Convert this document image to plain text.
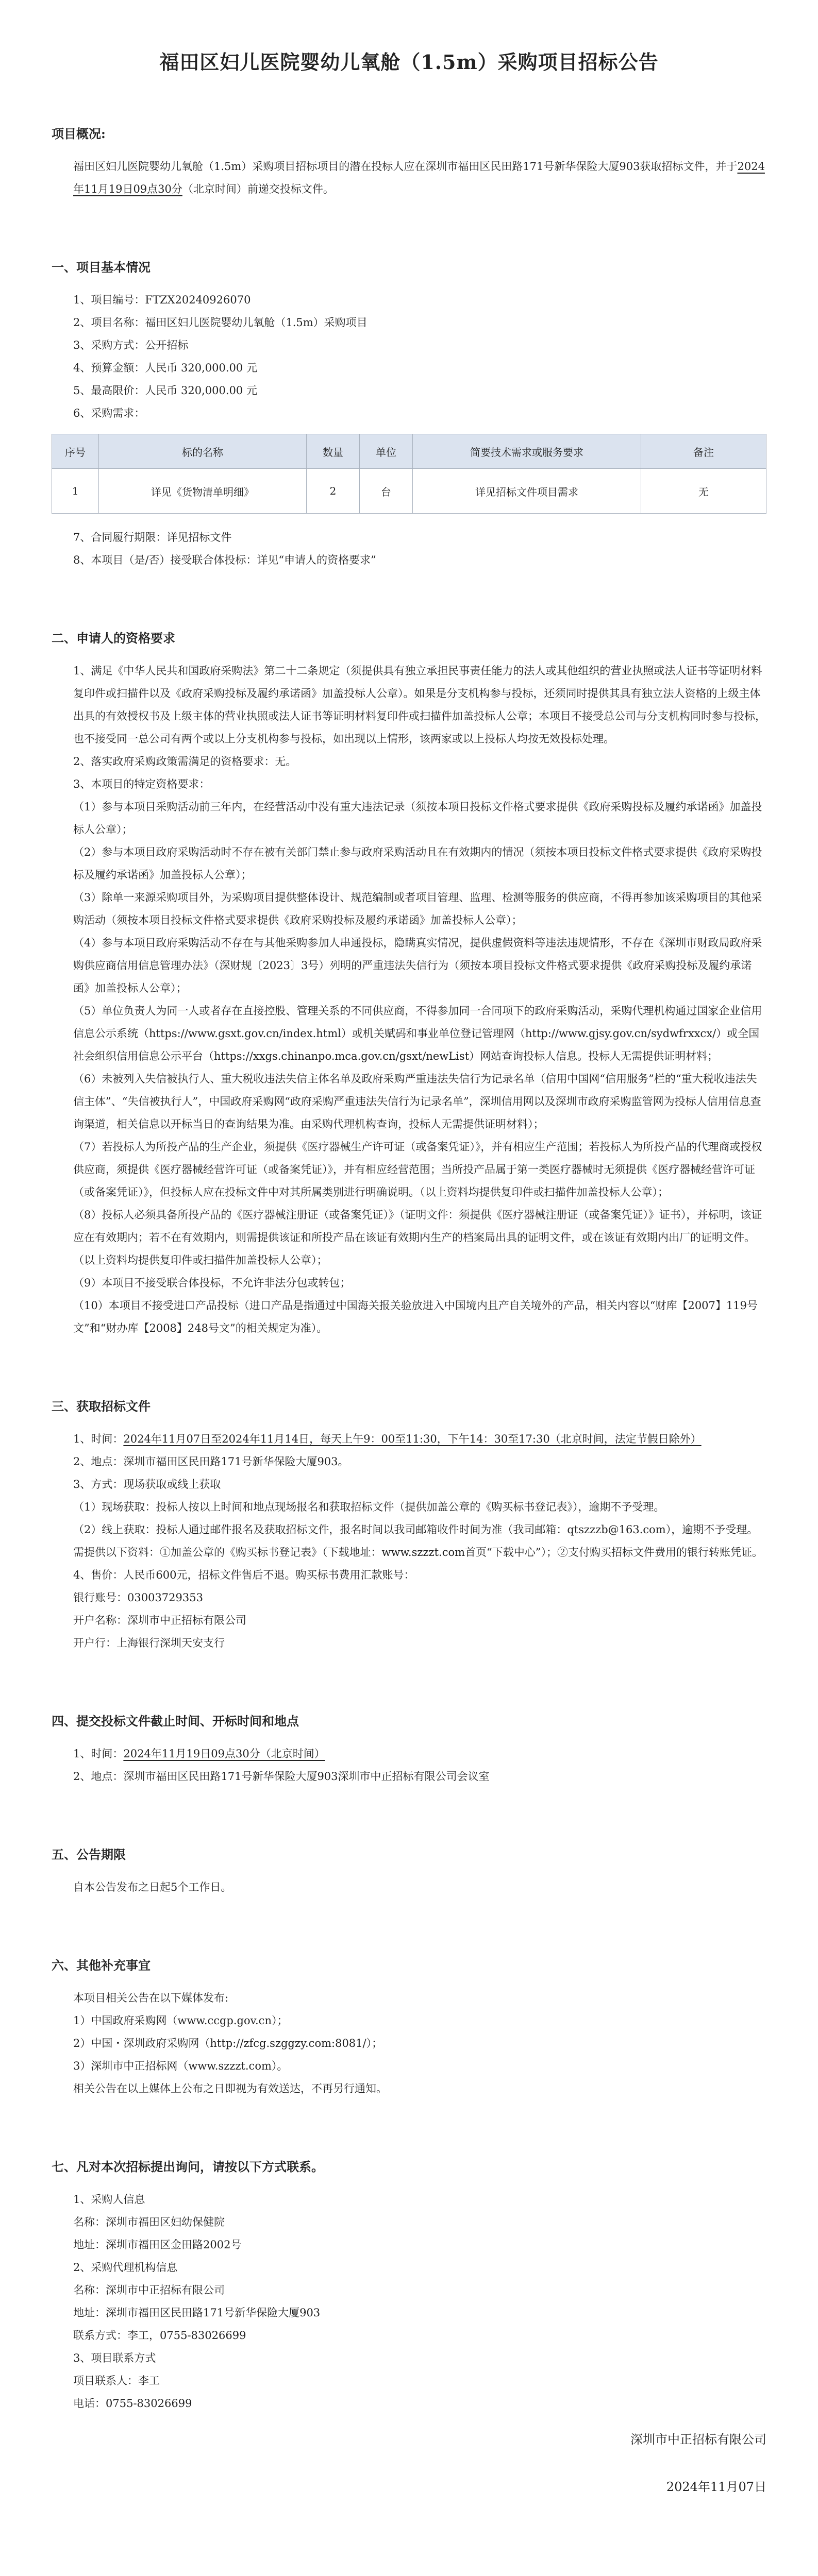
福田区妇儿医院婴幼儿氧舱（1.5m）采购项目招标公告
项目概况:

福田区妇儿医院婴幼儿氧舱（1.5m）采购项目招标项目的潜在投标人应在深圳市福田区民田路171号新华保险大厦903获取招标文件，并于2024年11月19日09点30分（北京时间）前递交投标文件。

一、项目基本情况

1、项目编号：FTZX20240926070

2、项目名称：福田区妇儿医院婴幼儿氧舱（1.5m）采购项目

3、采购方式：公开招标

4、预算金额：人民币 320,000.00 元

5、最高限价：人民币 320,000.00 元

6、采购需求：

序号	标的名称	数量	单位	简要技术需求或服务要求	备注
1	详见《货物清单明细》	2	台	详见招标文件项目需求	无

7、合同履行期限：详见招标文件

8、本项目（是/否）接受联合体投标：详见“申请人的资格要求”

二、申请人的资格要求

1、满足《中华人民共和国政府采购法》第二十二条规定（须提供具有独立承担民事责任能力的法人或其他组织的营业执照或法人证书等证明材料复印件或扫描件以及《政府采购投标及履约承诺函》加盖投标人公章）。如果是分支机构参与投标，还须同时提供其具有独立法人资格的上级主体出具的有效授权书及上级主体的营业执照或法人证书等证明材料复印件或扫描件加盖投标人公章；本项目不接受总公司与分支机构同时参与投标，也不接受同一总公司有两个或以上分支机构参与投标，如出现以上情形，该两家或以上投标人均按无效投标处理。

2、落实政府采购政策需满足的资格要求：无。

3、本项目的特定资格要求：

（1）参与本项目采购活动前三年内，在经营活动中没有重大违法记录（须按本项目投标文件格式要求提供《政府采购投标及履约承诺函》加盖投标人公章）；

（2）参与本项目政府采购活动时不存在被有关部门禁止参与政府采购活动且在有效期内的情况（须按本项目投标文件格式要求提供《政府采购投标及履约承诺函》加盖投标人公章）；

（3）除单一来源采购项目外，为采购项目提供整体设计、规范编制或者项目管理、监理、检测等服务的供应商，不得再参加该采购项目的其他采购活动（须按本项目投标文件格式要求提供《政府采购投标及履约承诺函》加盖投标人公章）；

（4）参与本项目政府采购活动不存在与其他采购参加人串通投标，隐瞒真实情况，提供虚假资料等违法违规情形，不存在《深圳市财政局政府采购供应商信用信息管理办法》（深财规〔2023〕3号）列明的严重违法失信行为（须按本项目投标文件格式要求提供《政府采购投标及履约承诺函》加盖投标人公章）；

（5）单位负责人为同一人或者存在直接控股、管理关系的不同供应商，不得参加同一合同项下的政府采购活动，采购代理机构通过国家企业信用信息公示系统（https://www.gsxt.gov.cn/index.html）或机关赋码和事业单位登记管理网（http://www.gjsy.gov.cn/sydwfrxxcx/）或全国社会组织信用信息公示平台（https://xxgs.chinanpo.mca.gov.cn/gsxt/newList）网站查询投标人信息。投标人无需提供证明材料；

（6）未被列入失信被执行人、重大税收违法失信主体名单及政府采购严重违法失信行为记录名单（信用中国网“信用服务”栏的“重大税收违法失信主体”、“失信被执行人”，中国政府采购网“政府采购严重违法失信行为记录名单”，深圳信用网以及深圳市政府采购监管网为投标人信用信息查询渠道，相关信息以开标当日的查询结果为准。由采购代理机构查询，投标人无需提供证明材料）；

（7）若投标人为所投产品的生产企业，须提供《医疗器械生产许可证（或备案凭证）》，并有相应生产范围；若投标人为所投产品的代理商或授权供应商，须提供《医疗器械经营许可证（或备案凭证）》，并有相应经营范围；当所投产品属于第一类医疗器械时无须提供《医疗器械经营许可证（或备案凭证）》，但投标人应在投标文件中对其所属类别进行明确说明。（以上资料均提供复印件或扫描件加盖投标人公章）；

（8）投标人必须具备所投产品的《医疗器械注册证（或备案凭证）》（证明文件：须提供《医疗器械注册证（或备案凭证）》证书），并标明，该证应在有效期内；若不在有效期内，则需提供该证和所投产品在该证有效期内生产的档案局出具的证明文件，或在该证有效期内出厂的证明文件。（以上资料均提供复印件或扫描件加盖投标人公章）；

（9）本项目不接受联合体投标，不允许非法分包或转包；

（10）本项目不接受进口产品投标（进口产品是指通过中国海关报关验放进入中国境内且产自关境外的产品，相关内容以“财库【2007】119号文”和“财办库【2008】248号文”的相关规定为准）。

三、获取招标文件

1、时间：2024年11月07日至2024年11月14日，每天上午9：00至11:30，下午14：30至17:30（北京时间，法定节假日除外）

2、地点：深圳市福田区民田路171号新华保险大厦903。

3、方式：现场获取或线上获取

（1）现场获取：投标人按以上时间和地点现场报名和获取招标文件（提供加盖公章的《购买标书登记表》），逾期不予受理。

（2）线上获取：投标人通过邮件报名及获取招标文件，报名时间以我司邮箱收件时间为准（我司邮箱：qtszzzb@163.com），逾期不予受理。需提供以下资料：①加盖公章的《购买标书登记表》（下载地址：www.szzzt.com首页“下载中心”）；②支付购买招标文件费用的银行转账凭证。

4、售价：人民币600元，招标文件售后不退。购买标书费用汇款账号：

银行账号：03003729353

开户名称：深圳市中正招标有限公司

开户行：上海银行深圳天安支行

四、提交投标文件截止时间、开标时间和地点

1、时间：2024年11月19日09点30分（北京时间）

2、地点：深圳市福田区民田路171号新华保险大厦903深圳市中正招标有限公司会议室

五、公告期限

自本公告发布之日起5个工作日。

六、其他补充事宜

本项目相关公告在以下媒体发布:

1）中国政府采购网（www.ccgp.gov.cn）；

2）中国・深圳政府采购网（http://zfcg.szggzy.com:8081/）；

3）深圳市中正招标网（www.szzzt.com）。

相关公告在以上媒体上公布之日即视为有效送达，不再另行通知。

七、凡对本次招标提出询问，请按以下方式联系。

1、采购人信息

名称：深圳市福田区妇幼保健院

地址：深圳市福田区金田路2002号

2、采购代理机构信息

名称：深圳市中正招标有限公司

地址：深圳市福田区民田路171号新华保险大厦903

联系方式：李工，0755-83026699

3、项目联系方式

项目联系人：李工

电话：0755-83026699

深圳市中正招标有限公司
2024年11月07日
